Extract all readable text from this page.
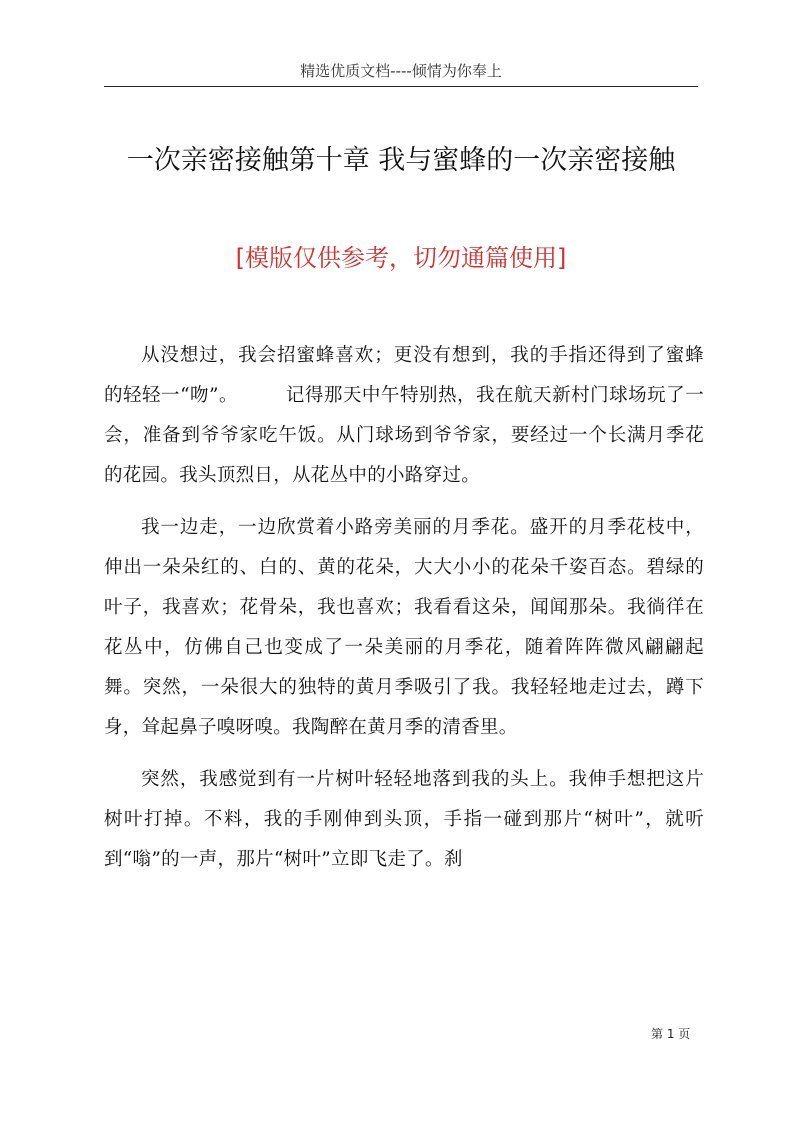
精选优质文档----倾情为你奉上
一次亲密接触第十章 我与蜜蜂的一次亲密接触
[模版仅供参考，切勿通篇使用]

从没想过，我会招蜜蜂喜欢；更没有想到，我的手指还得到了蜜蜂的轻轻一“吻”。　　　记得那天中午特别热，我在航天新村门球场玩了一会，准备到爷爷家吃午饭。从门球场到爷爷家，要经过一个长满月季花的花园。我头顶烈日，从花丛中的小路穿过。

我一边走，一边欣赏着小路旁美丽的月季花。盛开的月季花枝中，伸出一朵朵红的、白的、黄的花朵，大大小小的花朵千姿百态。碧绿的叶子，我喜欢；花骨朵，我也喜欢；我看看这朵，闻闻那朵。我徜徉在花丛中，仿佛自己也变成了一朵美丽的月季花，随着阵阵微风翩翩起舞。突然，一朵很大的独特的黄月季吸引了我。我轻轻地走过去，蹲下身，耸起鼻子嗅呀嗅。我陶醉在黄月季的清香里。

突然，我感觉到有一片树叶轻轻地落到我的头上。我伸手想把这片树叶打掉。不料，我的手刚伸到头顶，手指一碰到那片“树叶”，就听到“嗡”的一声，那片“树叶”立即飞走了。刹

第 1 页
